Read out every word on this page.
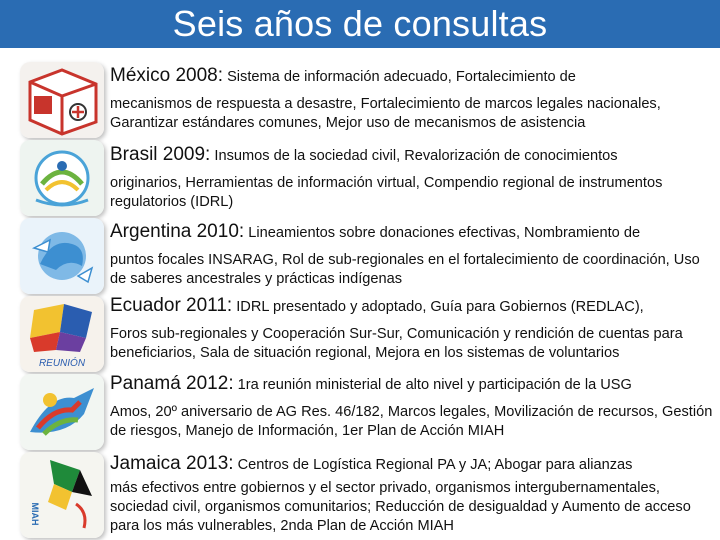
Seis años de consultas
REUNIÓN
MIAH
México 2008: Sistema de información adecuado, Fortalecimiento de
mecanismos de respuesta a desastre, Fortalecimiento de marcos legales nacionales, Garantizar estándares comunes, Mejor uso de mecanismos de asistencia
Brasil 2009: Insumos de la sociedad civil, Revalorización de conocimientos
originarios, Herramientas de información virtual, Compendio regional de instrumentos regulatorios (IDRL)
Argentina 2010: Lineamientos sobre donaciones efectivas, Nombramiento de
puntos focales INSARAG, Rol de sub-regionales en el fortalecimiento de coordinación, Uso de saberes ancestrales y prácticas indígenas
Ecuador 2011: IDRL presentado y adoptado, Guía para Gobiernos (REDLAC),
Foros sub-regionales y Cooperación Sur-Sur, Comunicación y rendición de cuentas para beneficiarios, Sala de situación regional, Mejora en los sistemas de voluntarios
Panamá 2012: 1ra reunión ministerial de alto nivel y participación de la USG
Amos, 20º aniversario de AG Res. 46/182, Marcos legales, Movilización de recursos, Gestión de riesgos, Manejo de Información, 1er Plan de Acción MIAH
Jamaica 2013: Centros de Logística Regional PA y JA; Abogar para alianzas
más efectivos entre gobiernos y el sector privado, organismos intergubernamentales, sociedad civil, organismos comunitarios; Reducción de desigualdad y Aumento de acceso para los más vulnerables, 2nda Plan de Acción MIAH
